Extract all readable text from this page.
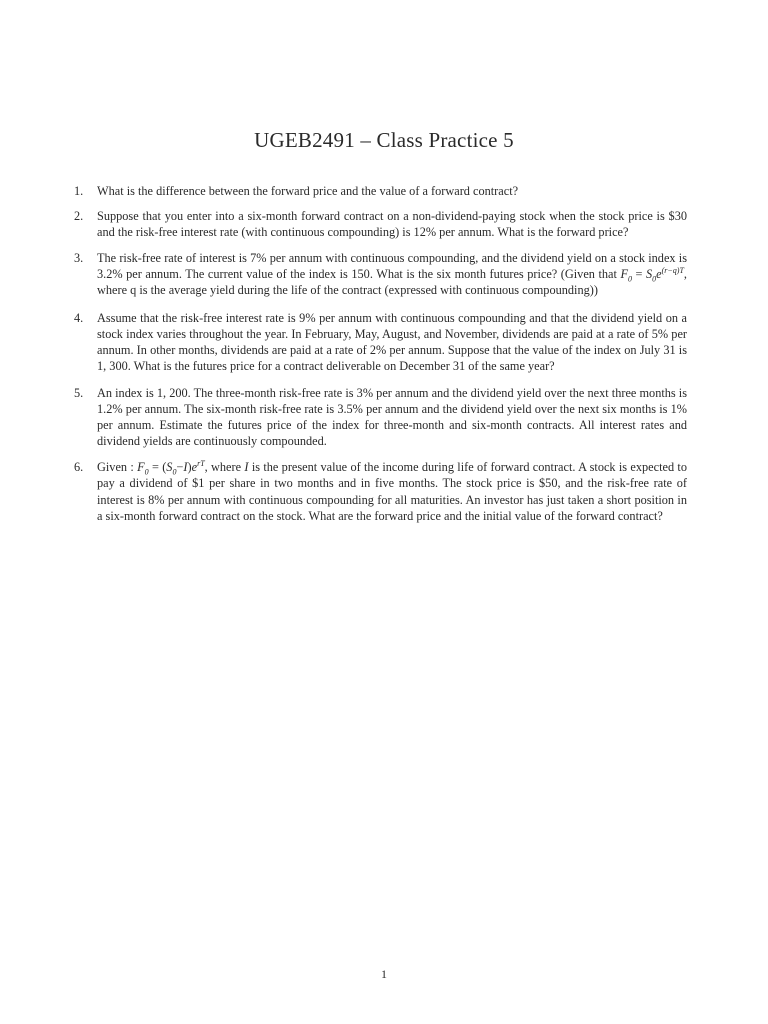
UGEB2491 – Class Practice 5
1.	What is the difference between the forward price and the value of a forward contract?
2.	Suppose that you enter into a six-month forward contract on a non-dividend-paying stock when the stock price is $30 and the risk-free interest rate (with continuous compounding) is 12% per annum. What is the forward price?
3.	The risk-free rate of interest is 7% per annum with continuous compounding, and the dividend yield on a stock index is 3.2% per annum. The current value of the index is 150. What is the six month futures price? (Given that $F_0 = S_0e^{(r-q)T}$, where q is the average yield during the life of the contract (expressed with continuous compounding))
4.	Assume that the risk-free interest rate is 9% per annum with continuous compounding and that the dividend yield on a stock index varies throughout the year. In February, May, August, and November, dividends are paid at a rate of 5% per annum. In other months, dividends are paid at a rate of 2% per annum. Suppose that the value of the index on July 31 is 1, 300. What is the futures price for a contract deliverable on December 31 of the same year?
5.	An index is 1, 200. The three-month risk-free rate is 3% per annum and the dividend yield over the next three months is 1.2% per annum. The six-month risk-free rate is 3.5% per annum and the dividend yield over the next six months is 1% per annum. Estimate the futures price of the index for three-month and six-month contracts. All interest rates and dividend yields are continuously compounded.
6.	Given : $F_0 = (S_0-I)e^{rT}$, where I is the present value of the income during life of forward contract. A stock is expected to pay a dividend of $1 per share in two months and in five months. The stock price is $50, and the risk-free rate of interest is 8% per annum with continuous compounding for all maturities. An investor has just taken a short position in a six-month forward contract on the stock. What are the forward price and the initial value of the forward contract?
1
